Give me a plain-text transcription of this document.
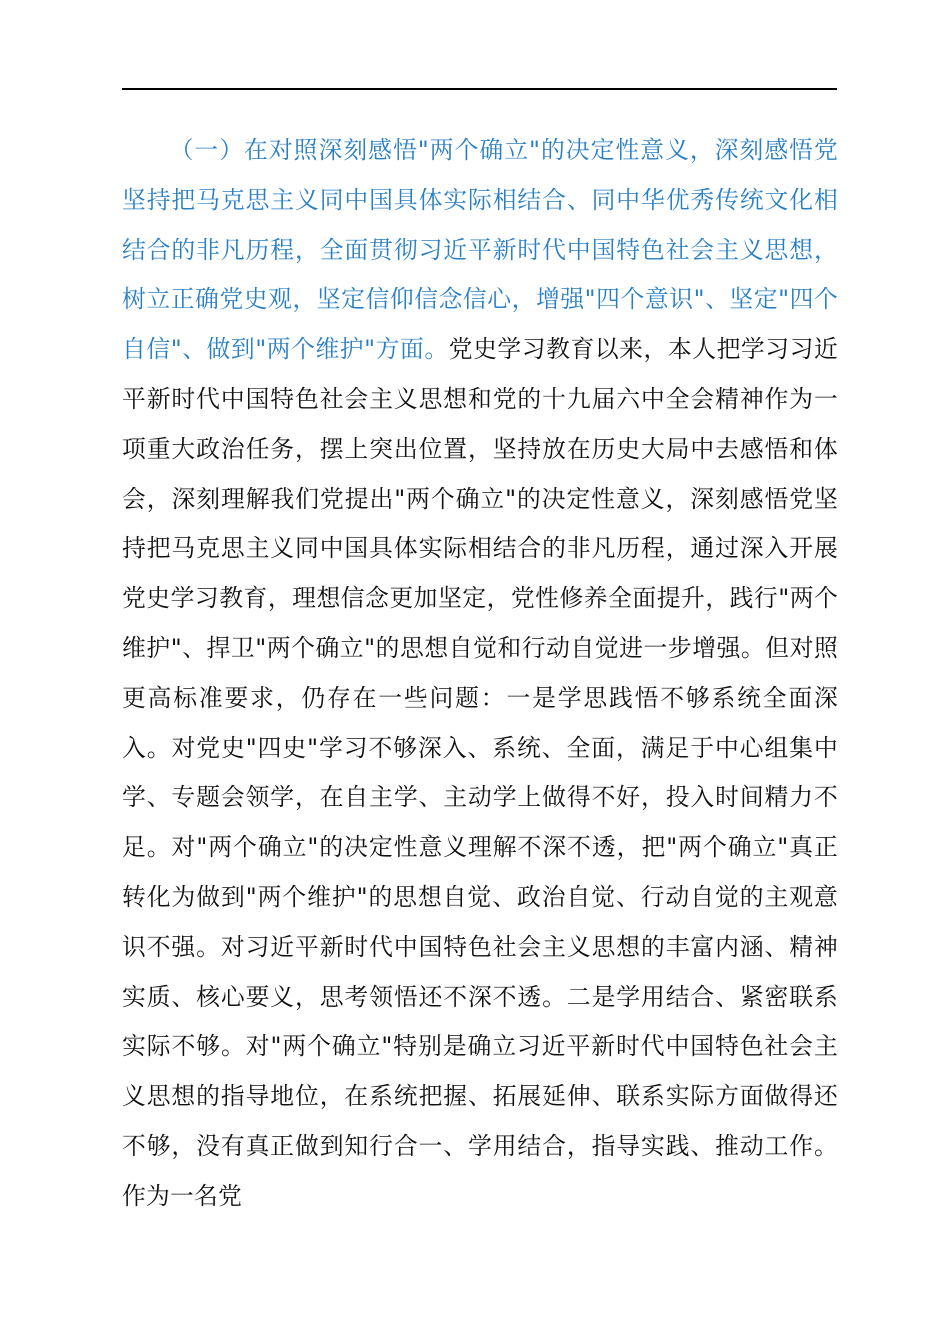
（一）在对照深刻感悟"两个确立"的决定性意义，深刻感悟党坚持把马克思主义同中国具体实际相结合、同中华优秀传统文化相结合的非凡历程，全面贯彻习近平新时代中国特色社会主义思想，树立正确党史观，坚定信仰信念信心，增强"四个意识"、坚定"四个自信"、做到"两个维护"方面。党史学习教育以来，本人把学习习近平新时代中国特色社会主义思想和党的十九届六中全会精神作为一项重大政治任务，摆上突出位置，坚持放在历史大局中去感悟和体会，深刻理解我们党提出"两个确立"的决定性意义，深刻感悟党坚持把马克思主义同中国具体实际相结合的非凡历程，通过深入开展党史学习教育，理想信念更加坚定，党性修养全面提升，践行"两个维护"、捍卫"两个确立"的思想自觉和行动自觉进一步增强。但对照更高标准要求，仍存在一些问题：一是学思践悟不够系统全面深入。对党史"四史"学习不够深入、系统、全面，满足于中心组集中学、专题会领学，在自主学、主动学上做得不好，投入时间精力不足。对"两个确立"的决定性意义理解不深不透，把"两个确立"真正转化为做到"两个维护"的思想自觉、政治自觉、行动自觉的主观意识不强。对习近平新时代中国特色社会主义思想的丰富内涵、精神实质、核心要义，思考领悟还不深不透。二是学用结合、紧密联系实际不够。对"两个确立"特别是确立习近平新时代中国特色社会主义思想的指导地位，在系统把握、拓展延伸、联系实际方面做得还不够，没有真正做到知行合一、学用结合，指导实践、推动工作。作为一名党
